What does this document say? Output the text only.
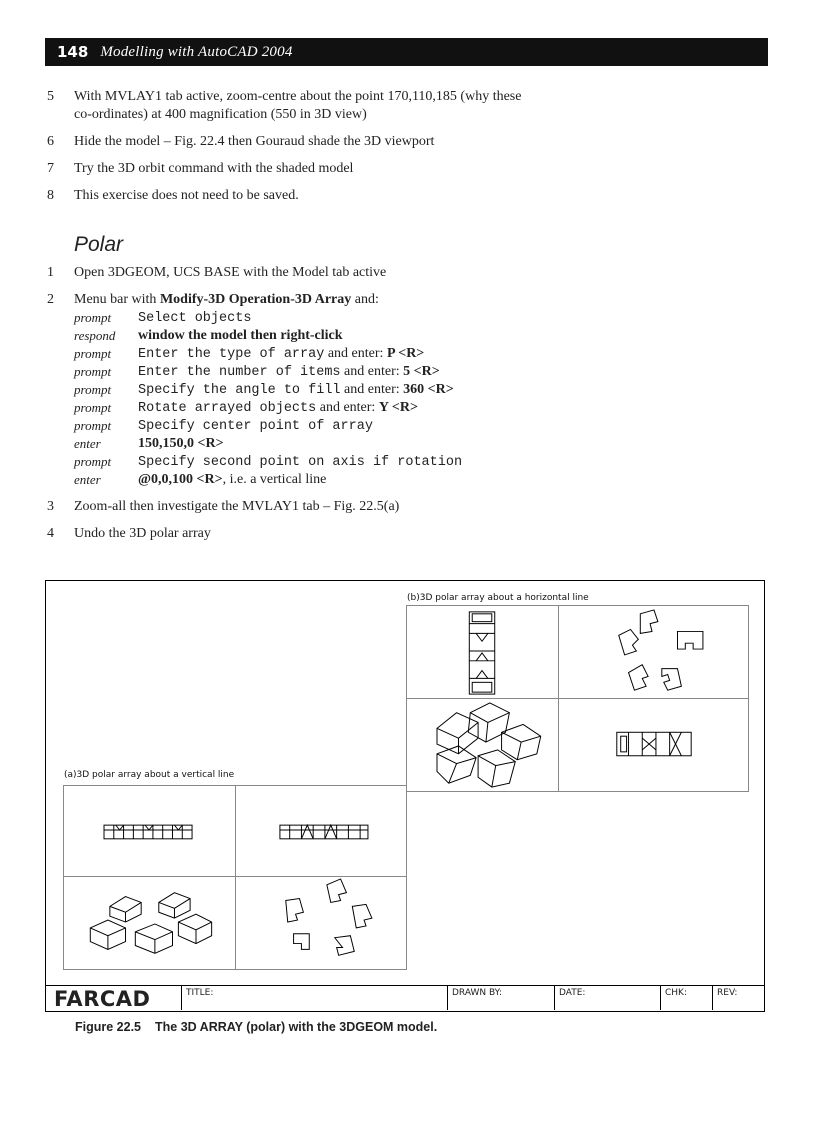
148 Modelling with AutoCAD 2004
5	With MVLAY1 tab active, zoom-centre about the point 170,110,185 (why these
co-ordinates) at 400 magnification (550 in 3D view)
6	Hide the model – Fig. 22.4 then Gouraud shade the 3D viewport
7	Try the 3D orbit command with the shaded model
8	This exercise does not need to be saved.
Polar
1	Open 3DGEOM, UCS BASE with the Model tab active
2	Menu bar with Modify-3D Operation-3D Array and:
prompt	Select objects
respond	window the model then right-click
prompt	Enter the type of array and enter: P <R>
prompt	Enter the number of items and enter: 5 <R>
prompt	Specify the angle to fill and enter: 360 <R>
prompt	Rotate arrayed objects and enter: Y <R>
prompt	Specify center point of array
enter	150,150,0 <R>
prompt	Specify second point on axis if rotation
enter	@0,0,100 <R>, i.e. a vertical line
3	Zoom-all then investigate the MVLAY1 tab – Fig. 22.5(a)
4	Undo the 3D polar array
(b)3D polar array about a horizontal line
(a)3D polar array about a vertical line
FARCAD	TITLE:	DRAWN BY:	DATE:	CHK:	REV:
Figure 22.5 The 3D ARRAY (polar) with the 3DGEOM model.
